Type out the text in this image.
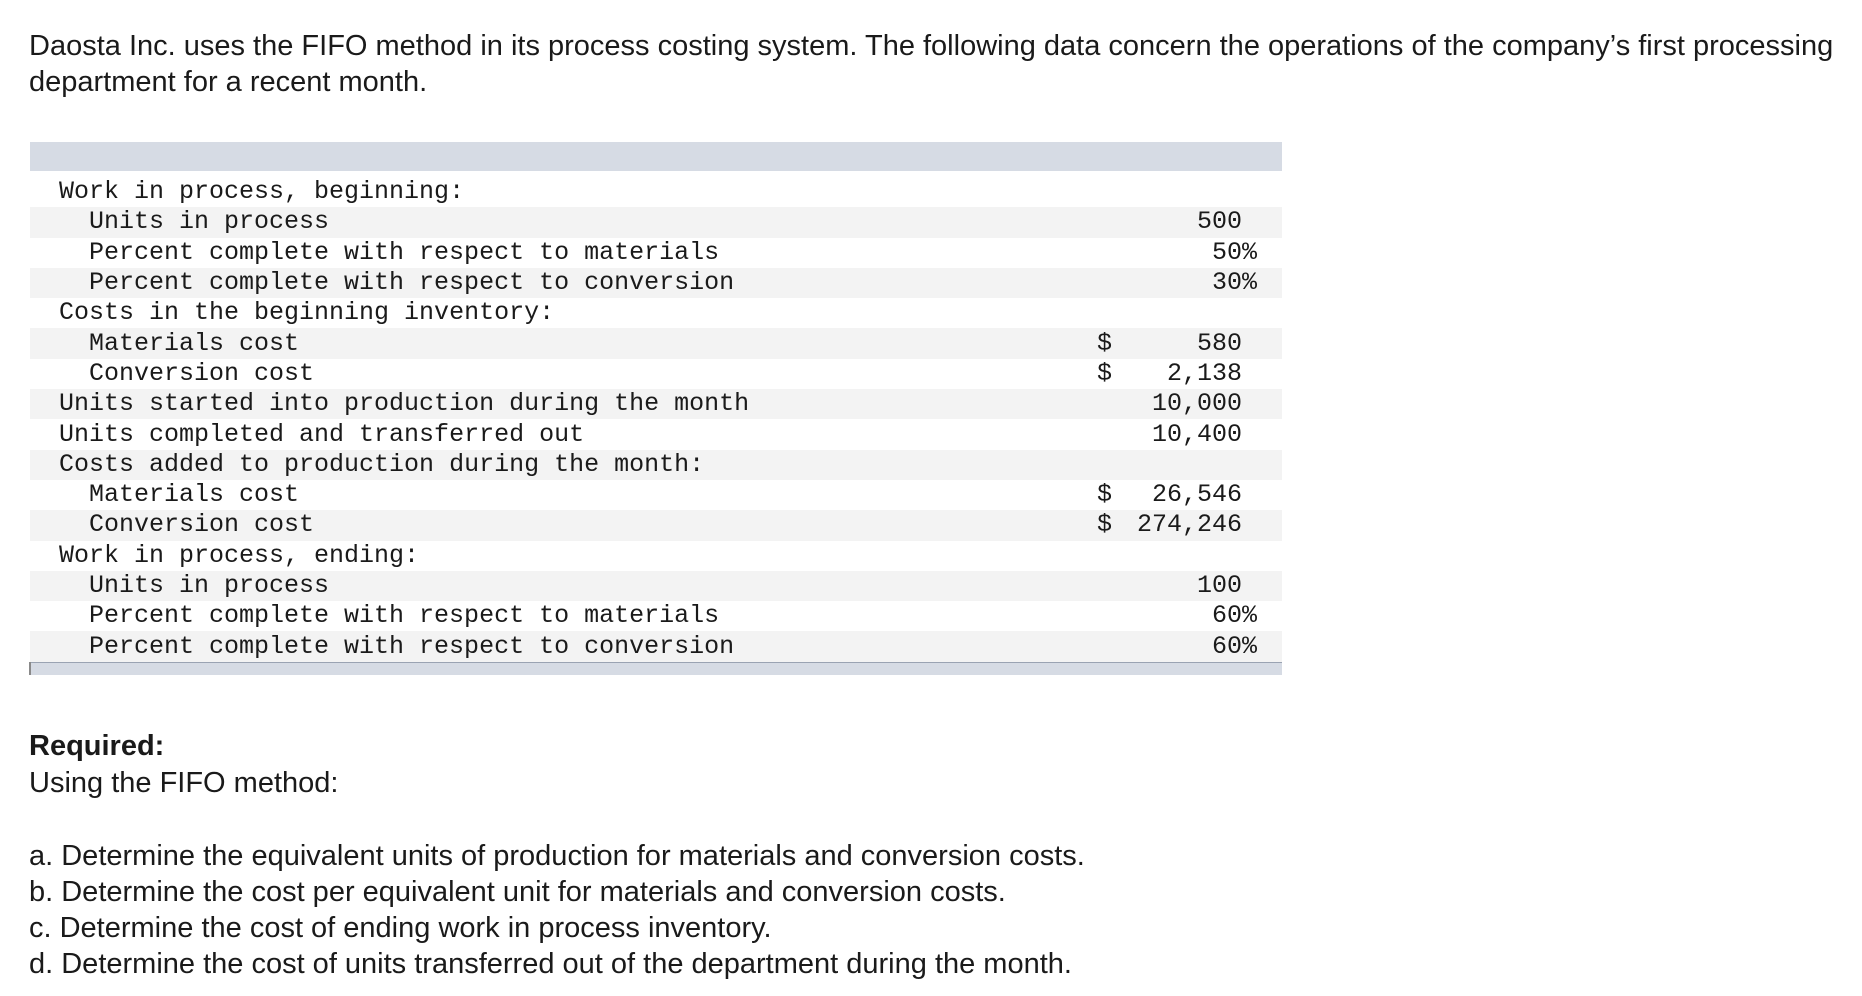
Daosta Inc. uses the FIFO method in its process costing system. The following data concern the operations of the company’s first processing department for a recent month.

Work in process, beginning:			
Units in process		500	
Percent complete with respect to materials		50	%
Percent complete with respect to conversion		30	%
Costs in the beginning inventory:			
Materials cost	$	580	
Conversion cost	$	2,138	
Units started into production during the month		10,000	
Units completed and transferred out		10,400	
Costs added to production during the month:			
Materials cost	$	26,546	
Conversion cost	$	274,246	
Work in process, ending:			
Units in process		100	
Percent complete with respect to materials		60	%
Percent complete with respect to conversion		60	%

Required:

Using the FIFO method:

a. Determine the equivalent units of production for materials and conversion costs.
b. Determine the cost per equivalent unit for materials and conversion costs.
c. Determine the cost of ending work in process inventory.
d. Determine the cost of units transferred out of the department during the month.
